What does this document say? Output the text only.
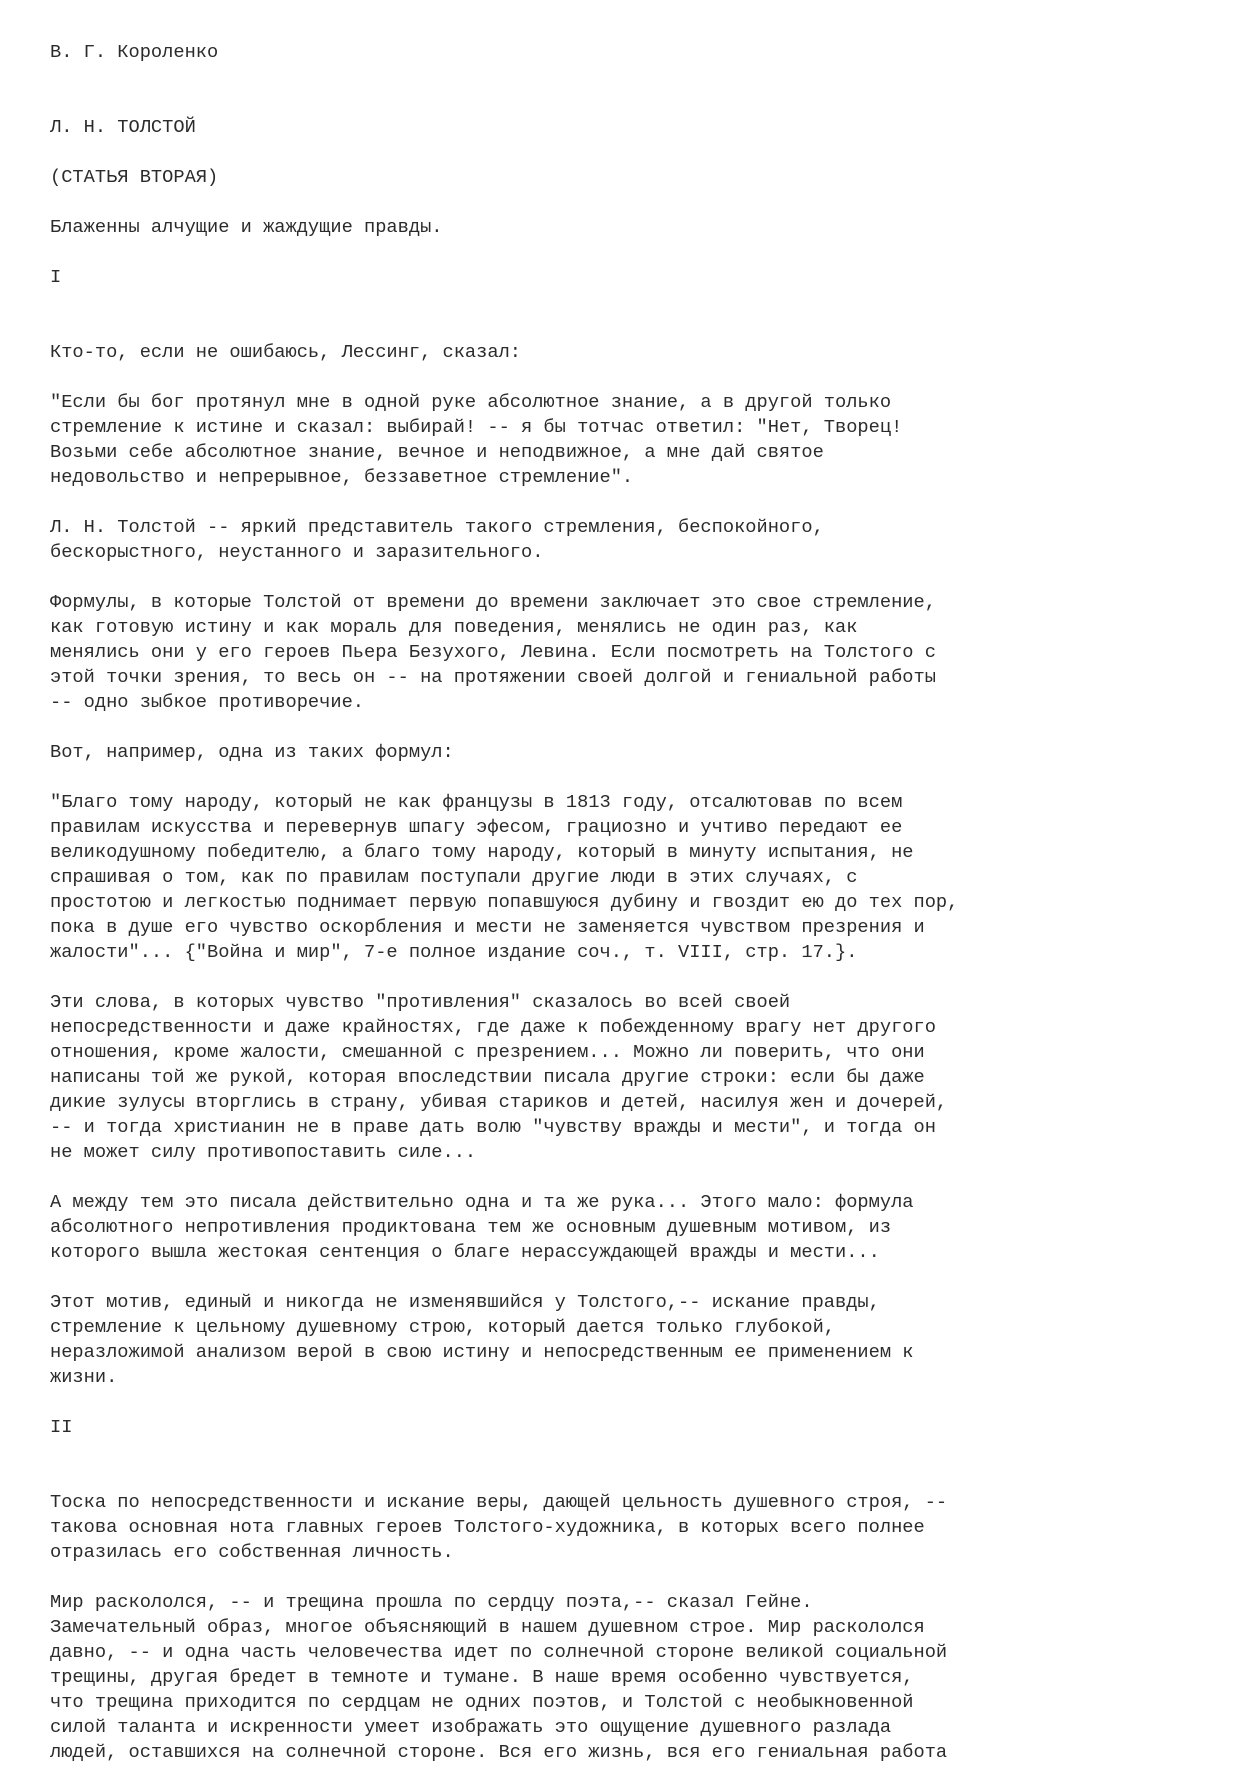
В. Г. Короленко
Л. Н. ТОЛСТОЙ
(СТАТЬЯ ВТОРАЯ)
Блаженны алчущие и жаждущие правды.
I
Кто-то, если не ошибаюсь, Лессинг, сказал:
"Если бы бог протянул мне в одной руке абсолютное знание, а в другой только
стремление к истине и сказал: выбирай! -- я бы тотчас ответил: "Нет, Творец!
Возьми себе абсолютное знание, вечное и неподвижное, а мне дай святое
недовольство и непрерывное, беззаветное стремление".
Л. Н. Толстой -- яркий представитель такого стремления, беспокойного,
бескорыстного, неустанного и заразительного.
Формулы, в которые Толстой от времени до времени заключает это свое стремление,
как готовую истину и как мораль для поведения, менялись не один раз, как
менялись они у его героев Пьера Безухого, Левина. Если посмотреть на Толстого с
этой точки зрения, то весь он -- на протяжении своей долгой и гениальной работы
-- одно зыбкое противоречие.
Вот, например, одна из таких формул:
"Благо тому народу, который не как французы в 1813 году, отсалютовав по всем
правилам искусства и перевернув шпагу эфесом, грациозно и учтиво передают ее
великодушному победителю, а благо тому народу, который в минуту испытания, не
спрашивая о том, как по правилам поступали другие люди в этих случаях, с
простотою и легкостью поднимает первую попавшуюся дубину и гвоздит ею до тех пор,
пока в душе его чувство оскорбления и мести не заменяется чувством презрения и
жалости"... {"Война и мир", 7-е полное издание соч., т. VIII, стр. 17.}.
Эти слова, в которых чувство "противления" сказалось во всей своей
непосредственности и даже крайностях, где даже к побежденному врагу нет другого
отношения, кроме жалости, смешанной с презрением... Можно ли поверить, что они
написаны той же рукой, которая впоследствии писала другие строки: если бы даже
дикие зулусы вторглись в страну, убивая стариков и детей, насилуя жен и дочерей,
-- и тогда христианин не в праве дать волю "чувству вражды и мести", и тогда он
не может силу противопоставить силе...
А между тем это писала действительно одна и та же рука... Этого мало: формула
абсолютного непротивления продиктована тем же основным душевным мотивом, из
которого вышла жестокая сентенция о благе нерассуждающей вражды и мести...
Этот мотив, единый и никогда не изменявшийся у Толстого,-- искание правды,
стремление к цельному душевному строю, который дается только глубокой,
неразложимой анализом верой в свою истину и непосредственным ее применением к
жизни.
II
Тоска по непосредственности и искание веры, дающей цельность душевного строя, --
такова основная нота главных героев Толстого-художника, в которых всего полнее
отразилась его собственная личность.
Мир раскололся, -- и трещина прошла по сердцу поэта,-- сказал Гейне.
Замечательный образ, многое объясняющий в нашем душевном строе. Мир раскололся
давно, -- и одна часть человечества идет по солнечной стороне великой социальной
трещины, другая бредет в темноте и тумане. В наше время особенно чувствуется,
что трещина приходится по сердцам не одних поэтов, и Толстой с необыкновенной
силой таланта и искренности умеет изображать это ощущение душевного разлада
людей, оставшихся на солнечной стороне. Вся его жизнь, вся его гениальная работа
